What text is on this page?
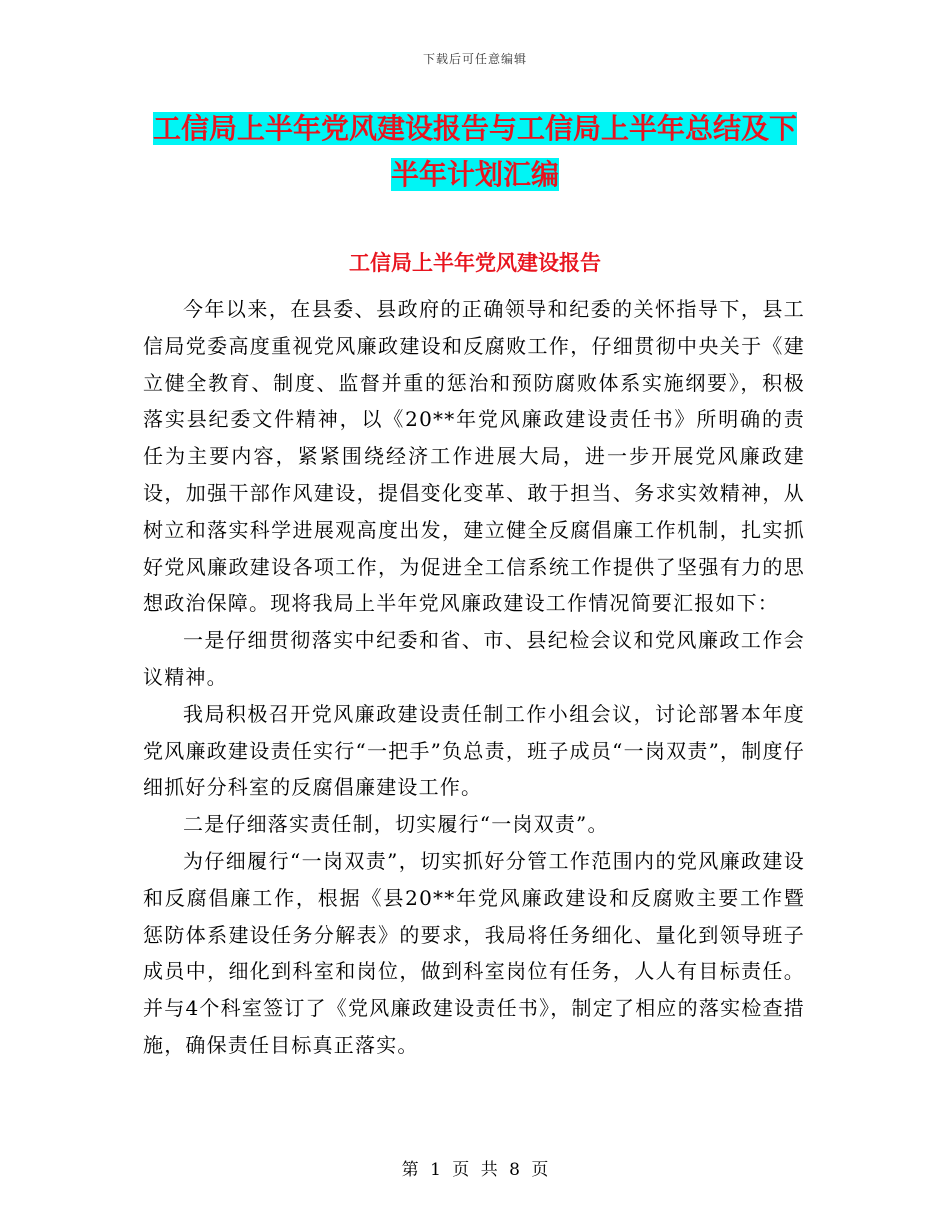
下载后可任意编辑
工信局上半年党风建设报告与工信局上半年总结及下半年计划汇编
工信局上半年党风建设报告

今年以来，在县委、县政府的正确领导和纪委的关怀指导下，县工信局党委高度重视党风廉政建设和反腐败工作，仔细贯彻中央关于《建立健全教育、制度、监督并重的惩治和预防腐败体系实施纲要》，积极落实县纪委文件精神，以《20**年党风廉政建设责任书》所明确的责任为主要内容，紧紧围绕经济工作进展大局，进一步开展党风廉政建设，加强干部作风建设，提倡变化变革、敢于担当、务求实效精神，从树立和落实科学进展观高度出发，建立健全反腐倡廉工作机制，扎实抓好党风廉政建设各项工作，为促进全工信系统工作提供了坚强有力的思想政治保障。现将我局上半年党风廉政建设工作情况简要汇报如下：

一是仔细贯彻落实中纪委和省、市、县纪检会议和党风廉政工作会议精神。

我局积极召开党风廉政建设责任制工作小组会议，讨论部署本年度党风廉政建设责任实行“一把手”负总责，班子成员“一岗双责”，制度仔细抓好分科室的反腐倡廉建设工作。

二是仔细落实责任制，切实履行“一岗双责”。

为仔细履行“一岗双责”，切实抓好分管工作范围内的党风廉政建设和反腐倡廉工作，根据《县20**年党风廉政建设和反腐败主要工作暨惩防体系建设任务分解表》的要求，我局将任务细化、量化到领导班子成员中，细化到科室和岗位，做到科室岗位有任务，人人有目标责任。并与4个科室签订了《党风廉政建设责任书》，制定了相应的落实检查措施，确保责任目标真正落实。

第 1 页 共 8 页
